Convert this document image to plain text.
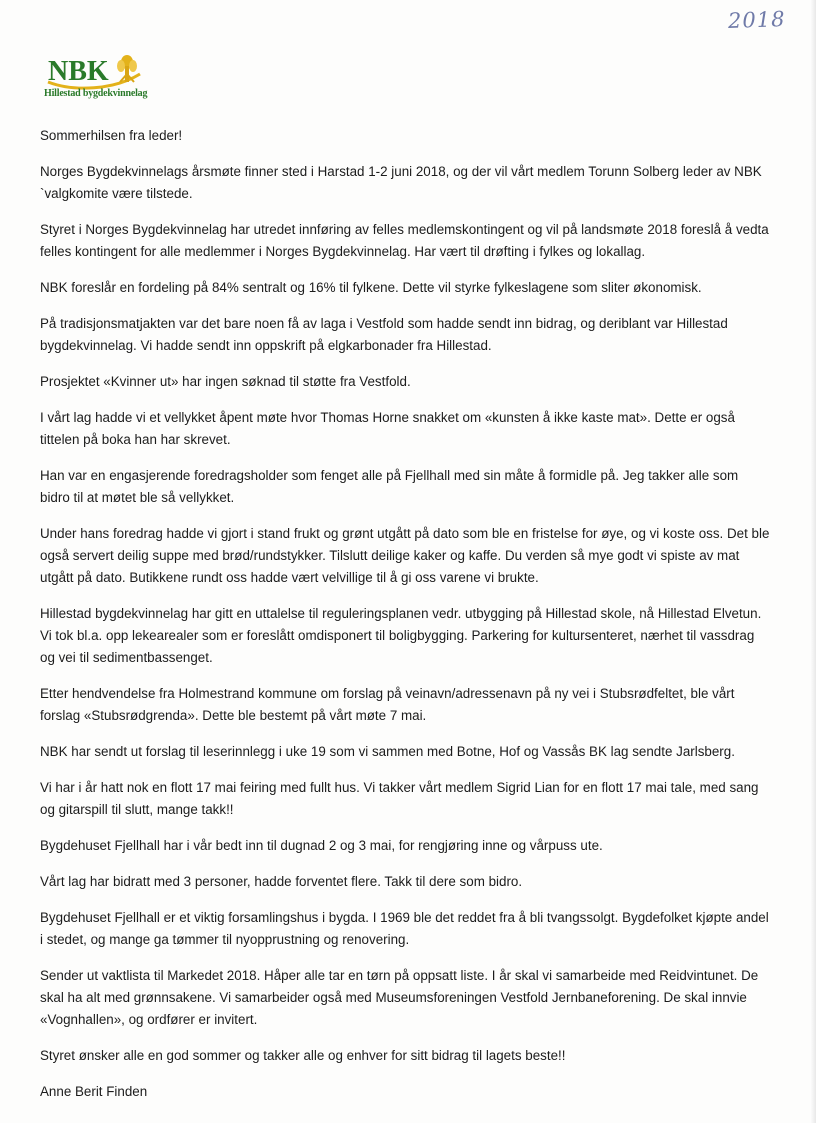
2018
NBK
Hillestad bygdekvinnelag

Sommerhilsen fra leder!

Norges Bygdekvinnelags årsmøte finner sted i Harstad 1-2 juni 2018, og der vil vårt medlem Torunn Solberg leder av NBK `valgkomite være tilstede.

Styret i Norges Bygdekvinnelag har utredet innføring av felles medlemskontingent og vil på landsmøte 2018 foreslå å vedta felles kontingent for alle medlemmer i Norges Bygdekvinnelag. Har vært til drøfting i fylkes og lokallag.

NBK foreslår en fordeling på 84% sentralt og 16% til fylkene. Dette vil styrke fylkeslagene som sliter økonomisk.

På tradisjonsmatjakten var det bare noen få av laga i Vestfold som hadde sendt inn bidrag, og deriblant var Hillestad bygdekvinnelag. Vi hadde sendt inn oppskrift på elgkarbonader fra Hillestad.

Prosjektet «Kvinner ut» har ingen søknad til støtte fra Vestfold.

I vårt lag hadde vi et vellykket åpent møte hvor Thomas Horne snakket om «kunsten å ikke kaste mat». Dette er også tittelen på boka han har skrevet.

Han var en engasjerende foredragsholder som fenget alle på Fjellhall med sin måte å formidle på. Jeg takker alle som bidro til at møtet ble så vellykket.

Under hans foredrag hadde vi gjort i stand frukt og grønt utgått på dato som ble en fristelse for øye, og vi koste oss. Det ble også servert deilig suppe med brød/rundstykker. Tilslutt deilige kaker og kaffe. Du verden så mye godt vi spiste av mat utgått på dato. Butikkene rundt oss hadde vært velvillige til å gi oss varene vi brukte.

Hillestad bygdekvinnelag har gitt en uttalelse til reguleringsplanen vedr. utbygging på Hillestad skole, nå Hillestad Elvetun. Vi tok bl.a. opp lekearealer som er foreslått omdisponert til boligbygging. Parkering for kultursenteret, nærhet til vassdrag og vei til sedimentbassenget.

Etter hendvendelse fra Holmestrand kommune om forslag på veinavn/adressenavn på ny vei i Stubsrødfeltet, ble vårt forslag «Stubsrødgrenda». Dette ble bestemt på vårt møte 7 mai.

NBK har sendt ut forslag til leserinnlegg i uke 19 som vi sammen med Botne, Hof og Vassås BK lag sendte Jarlsberg.

Vi har i år hatt nok en flott 17 mai feiring med fullt hus. Vi takker vårt medlem Sigrid Lian for en flott 17 mai tale, med sang og gitarspill til slutt, mange takk!!

Bygdehuset Fjellhall har i vår bedt inn til dugnad 2 og 3 mai, for rengjøring inne og vårpuss ute.

Vårt lag har bidratt med 3 personer, hadde forventet flere. Takk til dere som bidro.

Bygdehuset Fjellhall er et viktig forsamlingshus i bygda. I 1969 ble det reddet fra å bli tvangssolgt. Bygdefolket kjøpte andel i stedet, og mange ga tømmer til nyopprustning og renovering.

Sender ut vaktlista til Markedet 2018. Håper alle tar en tørn på oppsatt liste. I år skal vi samarbeide med Reidvintunet. De skal ha alt med grønnsakene. Vi samarbeider også med Museumsforeningen Vestfold Jernbaneforening. De skal innvie «Vognhallen», og ordfører er invitert.

Styret ønsker alle en god sommer og takker alle og enhver for sitt bidrag til lagets beste!!

Anne Berit Finden
